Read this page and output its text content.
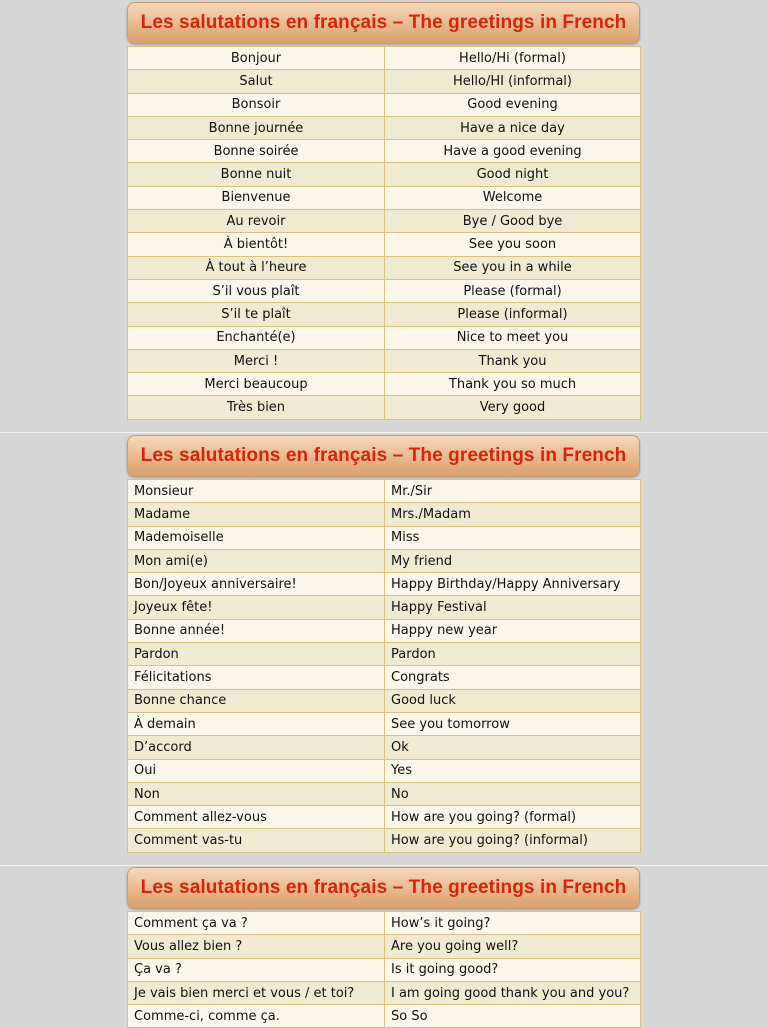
Les salutations en français – The greetings in French
Bonjour	Hello/Hi (formal)
Salut	Hello/HI (informal)
Bonsoir	Good evening
Bonne journée	Have a nice day
Bonne soirée	Have a good evening
Bonne nuit	Good night
Bienvenue	Welcome
Au revoir	Bye / Good bye
À bientôt!	See you soon
À tout à l’heure	See you in a while
S’il vous plaît	Please (formal)
S’il te plaît	Please (informal)
Enchanté(e)	Nice to meet you
Merci !	Thank you
Merci beaucoup	Thank you so much
Très bien	Very good
Les salutations en français – The greetings in French
Monsieur	Mr./Sir
Madame	Mrs./Madam
Mademoiselle	Miss
Mon ami(e)	My friend
Bon/Joyeux anniversaire!	Happy Birthday/Happy Anniversary
Joyeux fête!	Happy Festival
Bonne année!	Happy new year
Pardon	Pardon
Félicitations	Congrats
Bonne chance	Good luck
À demain	See you tomorrow
D’accord	Ok
Oui	Yes
Non	No
Comment allez-vous	How are you going? (formal)
Comment vas-tu	How are you going? (informal)
Les salutations en français – The greetings in French
Comment ça va ?	How’s it going?
Vous allez bien ?	Are you going well?
Ça va ?	Is it going good?
Je vais bien merci et vous / et toi?	I am going good thank you and you?
Comme-ci, comme ça.	So So
